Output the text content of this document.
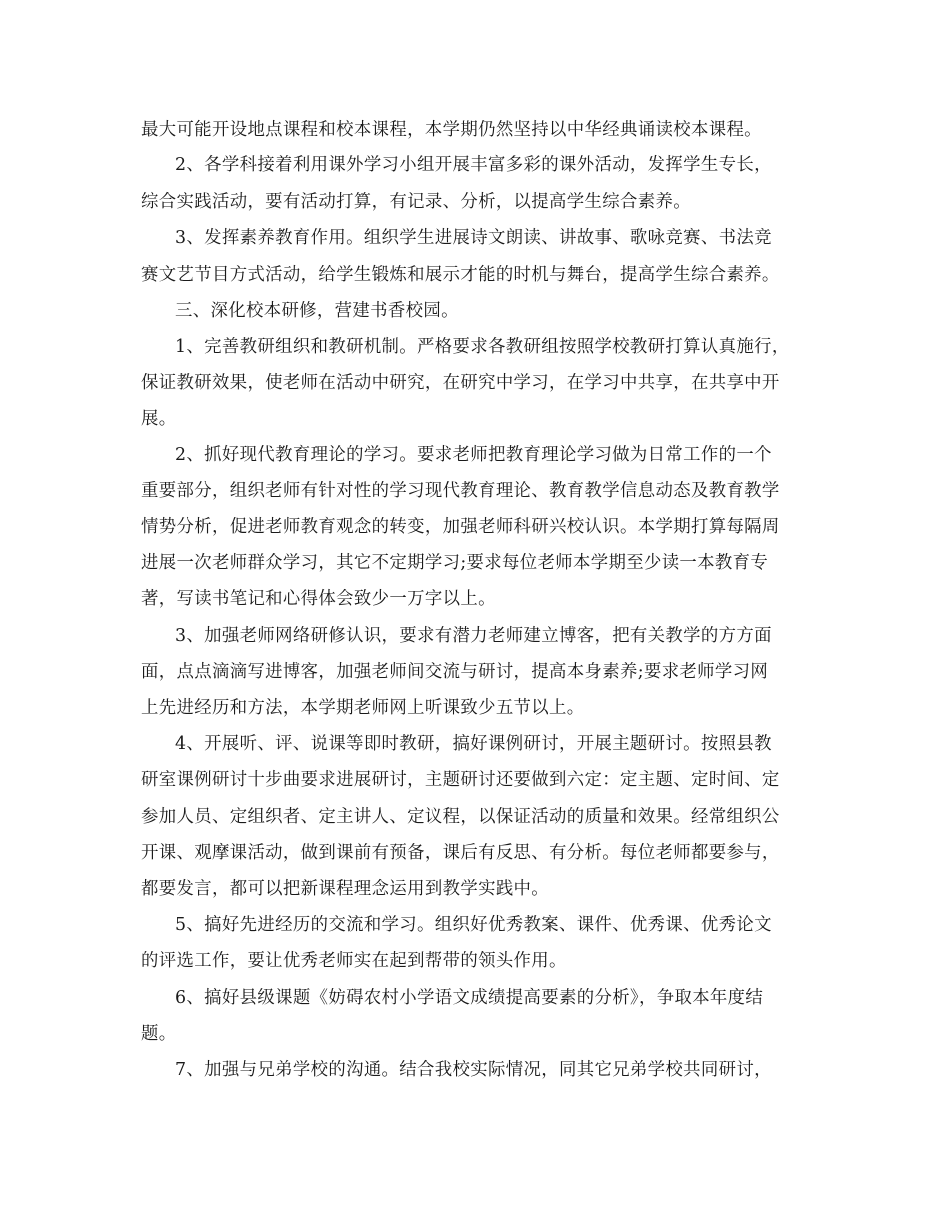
最大可能开设地点课程和校本课程，本学期仍然坚持以中华经典诵读校本课程。
2、各学科接着利用课外学习小组开展丰富多彩的课外活动，发挥学生专长，
综合实践活动，要有活动打算，有记录、分析，以提高学生综合素养。
3、发挥素养教育作用。组织学生进展诗文朗读、讲故事、歌咏竞赛、书法竞
赛文艺节目方式活动，给学生锻炼和展示才能的时机与舞台，提高学生综合素养。
三、深化校本研修，营建书香校园。
1、完善教研组织和教研机制。严格要求各教研组按照学校教研打算认真施行，
保证教研效果，使老师在活动中研究，在研究中学习，在学习中共享，在共享中开
展。
2、抓好现代教育理论的学习。要求老师把教育理论学习做为日常工作的一个
重要部分，组织老师有针对性的学习现代教育理论、教育教学信息动态及教育教学
情势分析，促进老师教育观念的转变，加强老师科研兴校认识。本学期打算每隔周
进展一次老师群众学习，其它不定期学习;要求每位老师本学期至少读一本教育专
著，写读书笔记和心得体会致少一万字以上。
3、加强老师网络研修认识，要求有潜力老师建立博客，把有关教学的方方面
面，点点滴滴写进博客，加强老师间交流与研讨，提高本身素养;要求老师学习网
上先进经历和方法，本学期老师网上听课致少五节以上。
4、开展听、评、说课等即时教研，搞好课例研讨，开展主题研讨。按照县教
研室课例研讨十步曲要求进展研讨，主题研讨还要做到六定：定主题、定时间、定
参加人员、定组织者、定主讲人、定议程，以保证活动的质量和效果。经常组织公
开课、观摩课活动，做到课前有预备，课后有反思、有分析。每位老师都要参与，
都要发言，都可以把新课程理念运用到教学实践中。
5、搞好先进经历的交流和学习。组织好优秀教案、课件、优秀课、优秀论文
的评选工作，要让优秀老师实在起到帮带的领头作用。
6、搞好县级课题《妨碍农村小学语文成绩提高要素的分析》，争取本年度结
题。
7、加强与兄弟学校的沟通。结合我校实际情况，同其它兄弟学校共同研讨，
